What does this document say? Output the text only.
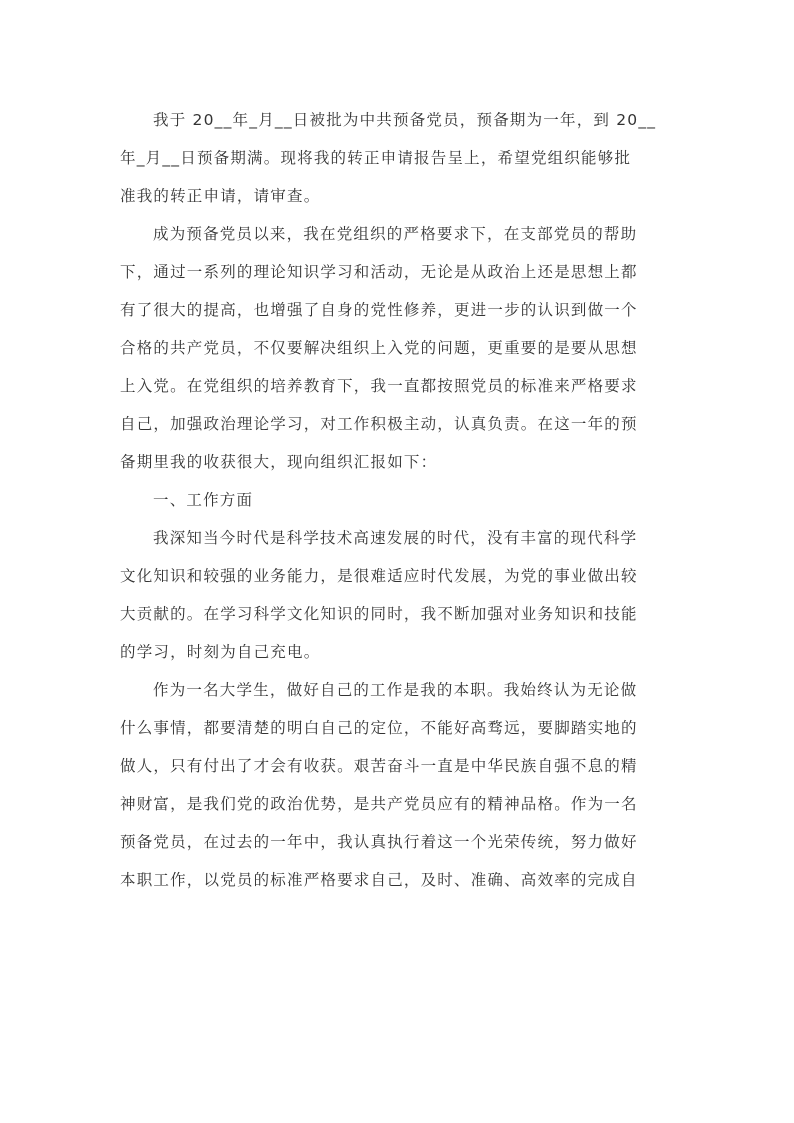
我于 20__年_月__日被批为中共预备党员，预备期为一年，到 20__
年_月__日预备期满。现将我的转正申请报告呈上，希望党组织能够批
准我的转正申请，请审查。
成为预备党员以来，我在党组织的严格要求下，在支部党员的帮助
下，通过一系列的理论知识学习和活动，无论是从政治上还是思想上都
有了很大的提高，也增强了自身的党性修养，更进一步的认识到做一个
合格的共产党员，不仅要解决组织上入党的问题，更重要的是要从思想
上入党。在党组织的培养教育下，我一直都按照党员的标准来严格要求
自己，加强政治理论学习，对工作积极主动，认真负责。在这一年的预
备期里我的收获很大，现向组织汇报如下：
一、工作方面
我深知当今时代是科学技术高速发展的时代，没有丰富的现代科学
文化知识和较强的业务能力，是很难适应时代发展，为党的事业做出较
大贡献的。在学习科学文化知识的同时，我不断加强对业务知识和技能
的学习，时刻为自己充电。
作为一名大学生，做好自己的工作是我的本职。我始终认为无论做
什么事情，都要清楚的明白自己的定位，不能好高骛远，要脚踏实地的
做人，只有付出了才会有收获。艰苦奋斗一直是中华民族自强不息的精
神财富，是我们党的政治优势，是共产党员应有的精神品格。作为一名
预备党员，在过去的一年中，我认真执行着这一个光荣传统，努力做好
本职工作，以党员的标准严格要求自己，及时、准确、高效率的完成自
